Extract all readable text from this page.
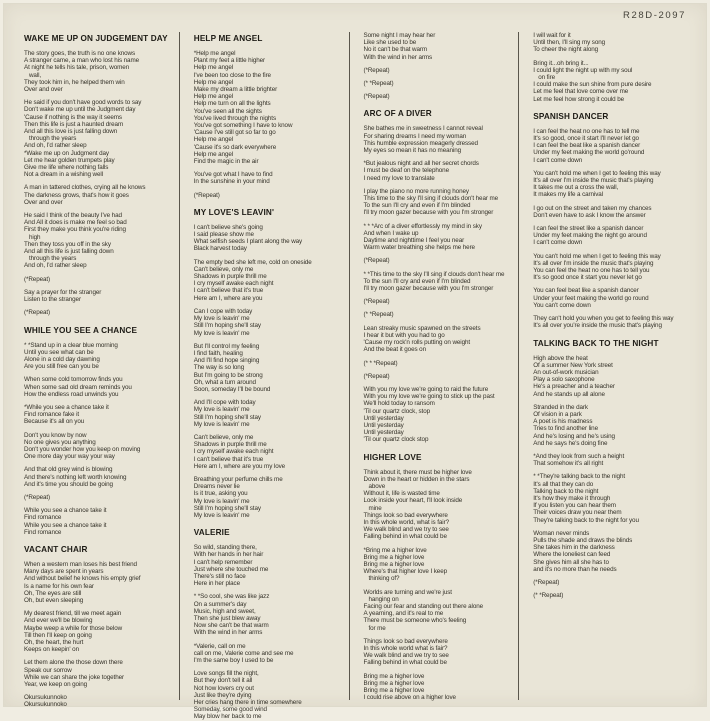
R28D-2097
WAKE ME UP ON JUDGEMENT DAY
The story goes, the truth is no one knows
A stranger came, a man who lost his name
At night he tells his tale, prison, women
wall,
They took him in, he helped them win
Over and over
He said if you don't have good words to say
Don't wake me up until the Judgment day
'Cause if nothing is the way it seems
Then this life is just a haunted dream
And all this love is just falling down
through the years
And oh, I'd rather sleep
*Wake me up on Judgment day
Let me hear golden trumpets play
Give me life where nothing falls
Not a dream in a wishing well
A man in tattered clothes, crying all he knows
The darkness grows, that's how it goes
Over and over
He said I think of the beauty I've had
And All it does is make me feel so bad
First they make you think you're riding
high
Then they toss you off in the sky
And all this life is just falling down
through the years
And oh, I'd rather sleep
(*Repeat)
Say a prayer for the stranger
Listen to the stranger
(*Repeat)
WHILE YOU SEE A CHANCE
* *Stand up in a clear blue morning
Until you see what can be
Alone in a cold day dawning
Are you still free can you be
When some cold tomorrow finds you
When some sad old dream reminds you
How the endless road unwinds you
*While you see a chance take it
Find romance fake it
Because it's all on you
Don't you know by now
No one gives you anything
Don't you wonder how you keep on moving
One more day your way your way
And that old grey wind is blowing
And there's nothing left worth knowing
And it's time you should be going
(*Repeat)
While you see a chance take it
Find romance
While you see a chance take it
Find romance
VACANT CHAIR
When a western man loses his best friend
Many days are spent in years
And without belief he knows his empty grief
Is a name for his own fear
Oh, The eyes are still
Oh, but even sleeping
My dearest friend, till we meet again
And ever we'll be blowing
Maybe weep a while for those below
Till then I'll keep on going
Oh, the heart, the hurt
Keeps on keepin' on
Let them alone the those down there
Speak our sorrow
While we can share the joke together
Year, we keep on going
Okursukunnoko
Okursukunnoko
HELP ME ANGEL
*Help me angel
Plant my feet a little higher
Help me angel
I've been too close to the fire
Help me angel
Make my dream a little brighter
Help me angel
Help me turn on all the lights
You've seen all the sights
You've lived through the nights
You've got something I have to know
'Cause I've still got so far to go
Help me angel
'Cause it's so dark everywhere
Help me angel
Find the magic in the air
You've got what I have to find
In the sunshine in your mind
(*Repeat)
MY LOVE'S LEAVIN'
I can't believe she's going
I said please show me
What selfish seeds I plant along the way
Black harvest today
The empty bed she left me, cold on oneside
Can't believe, only me
Shadows in purple thrill me
I cry myself awake each night
I can't believe that it's true
Here am I, where are you
Can I cope with today
My love is leavin' me
Still I'm hoping she'll stay
My love is leavin' me
But I'll control my feeling
I find faith, healing
And I'll find hope singing
The way is so long
But I'm going to be strong
Oh, what a turn around
Soon, someday I'll be bound
And I'll cope with today
My love is leavin' me
Still I'm hoping she'll stay
My love is leavin' me
Can't believe, only me
Shadows in purple thrill me
I cry myself awake each night
I can't believe that it's true
Here am I, where are you my love
Breathing your perfume chills me
Dreams never lie
Is it true, asking you
My love is leavin' me
Still I'm hoping she'll stay
My love is leavin' me
VALERIE
So wild, standing there,
With her hands in her hair
I can't help remember
Just where she touched me
There's still no face
Here in her place
* *So cool, she was like jazz
On a summer's day
Music, high and sweet,
Then she just blew away
Now she can't be that warm
With the wind in her arms
*Valerie, call on me
call on me, Valerie come and see me
I'm the same boy I used to be
Love songs fill the night,
But they don't tell it all
Not how lovers cry out
Just like they're dying
Her cries hang there in time somewhere
Someday, some good wind
May blow her back to me
Some night I may hear her
Like she used to be
No it can't be that warm
With the wind in her arms
(*Repeat)
(* *Repeat)
(*Repeat)
ARC OF A DIVER
She bathes me in sweetness I cannot reveal
For sharing dreams I need my woman
This humble expression meagerly dressed
My eyes so mean it has no meaning
*But jealous night and all her secret chords
I must be deaf on the telephone
I need my love to translate
I play the piano no more running honey
This time to the sky I'll sing if clouds don't hear me
To the sun I'll cry and even if I'm blinded
I'll try moon gazer because with you I'm stronger
* * *Arc of a diver effortlessly my mind in sky
And when I wake up
Daytime and nighttime I feel you near
Warm water breathing she helps me here
(*Repeat)
* *This time to the sky I'll sing if clouds don't hear me
To the sun I'll cry and even if I'm blinded
I'll try moon gazer because with you I'm stronger
(*Repeat)
(* *Repeat)
Lean streaky music spawned on the streets
I hear it but with you had to go
'Cause my rock'n rolls putting on weight
And the beat it goes on
(* * *Repeat)
(*Repeat)
With you my love we're going to raid the future
With you my love we're going to stick up the past
We'll hold today to ransom
'Til our quartz clock, stop
Until yesterday
Until yesterday
Until yesterday
'Til our quartz clock stop
HIGHER LOVE
Think about it, there must be higher love
Down in the heart or hidden in the stars
above
Without it, life is wasted time
Look inside your heart, I'll look inside
mine
Things look so bad everywhere
In this whole world, what is fair?
We walk blind and we try to see
Falling behind in what could be
*Bring me a higher love
Bring me a higher love
Bring me a higher love
Where's that higher love I keep
thinking of?
Worlds are turning and we're just
hanging on
Facing our fear and standing out there alone
A yearning, and it's real to me
There must be someone who's feeling
for me
Things look so bad everywhere
In this whole world what is fair?
We walk blind and we try to see
Falling behind in what could be
Bring me a higher love
Bring me a higher love
Bring me a higher love
I could rise above on a higher love
I will wait for it
Until then, I'll sing my song
To cheer the night along
Bring it...oh bring it...
I could light the night up with my soul
on fire
I could make the sun shine from pure desire
Let me feel that love come over me
Let me feel how strong it could be
SPANISH DANCER
I can feel the heat no one has to tell me
It's so good, once it start I'll never let go
I can feel the beat like a spanish dancer
Under my feet making the world go'round
I can't come down
You can't hold me when I get to feeling this way
It's all over I'm inside the music that's playing
It takes me out a cross the wall,
It makes my life a carnival
I go out on the street and taken my chances
Don't even have to ask I know the answer
I can feel the street like a spanish dancer
Under my feet making the night go around
I can't come down
You can't hold me when I get to feeling this way
It's all over I'm inside the music that's playing
You can feel the heat no one has to tell you
It's so good once it start you never let go
You can feel beat like a spanish dancer
Under your feet making the world go round
You can't come down
They can't hold you when you get to feeling this way
It's all over you're inside the music that's playing
TALKING BACK TO THE NIGHT
High above the heat
Of a summer New York street
An out-of-work musician
Play a solo saxophone
He's a preacher and a teacher
And he stands up all alone
Stranded in the dark
Of vision in a park
A poet is his madness
Tries to find another line
And he's losing and he's using
And he says he's doing fine
*And they look from such a height
That somehow it's all right
* *They're talking back to the night
It's all that they can do
Talking back to the night
It's how they make it through
If you listen you can hear them
Their voices draw you near them
They're talking back to the night for you
Woman never minds
Pulls the shade and draws the blinds
She takes him in the darkness
Where the loneliest can feed
She gives him all she has to
and it's no more than he needs
(*Repeat)
(* *Repeat)
